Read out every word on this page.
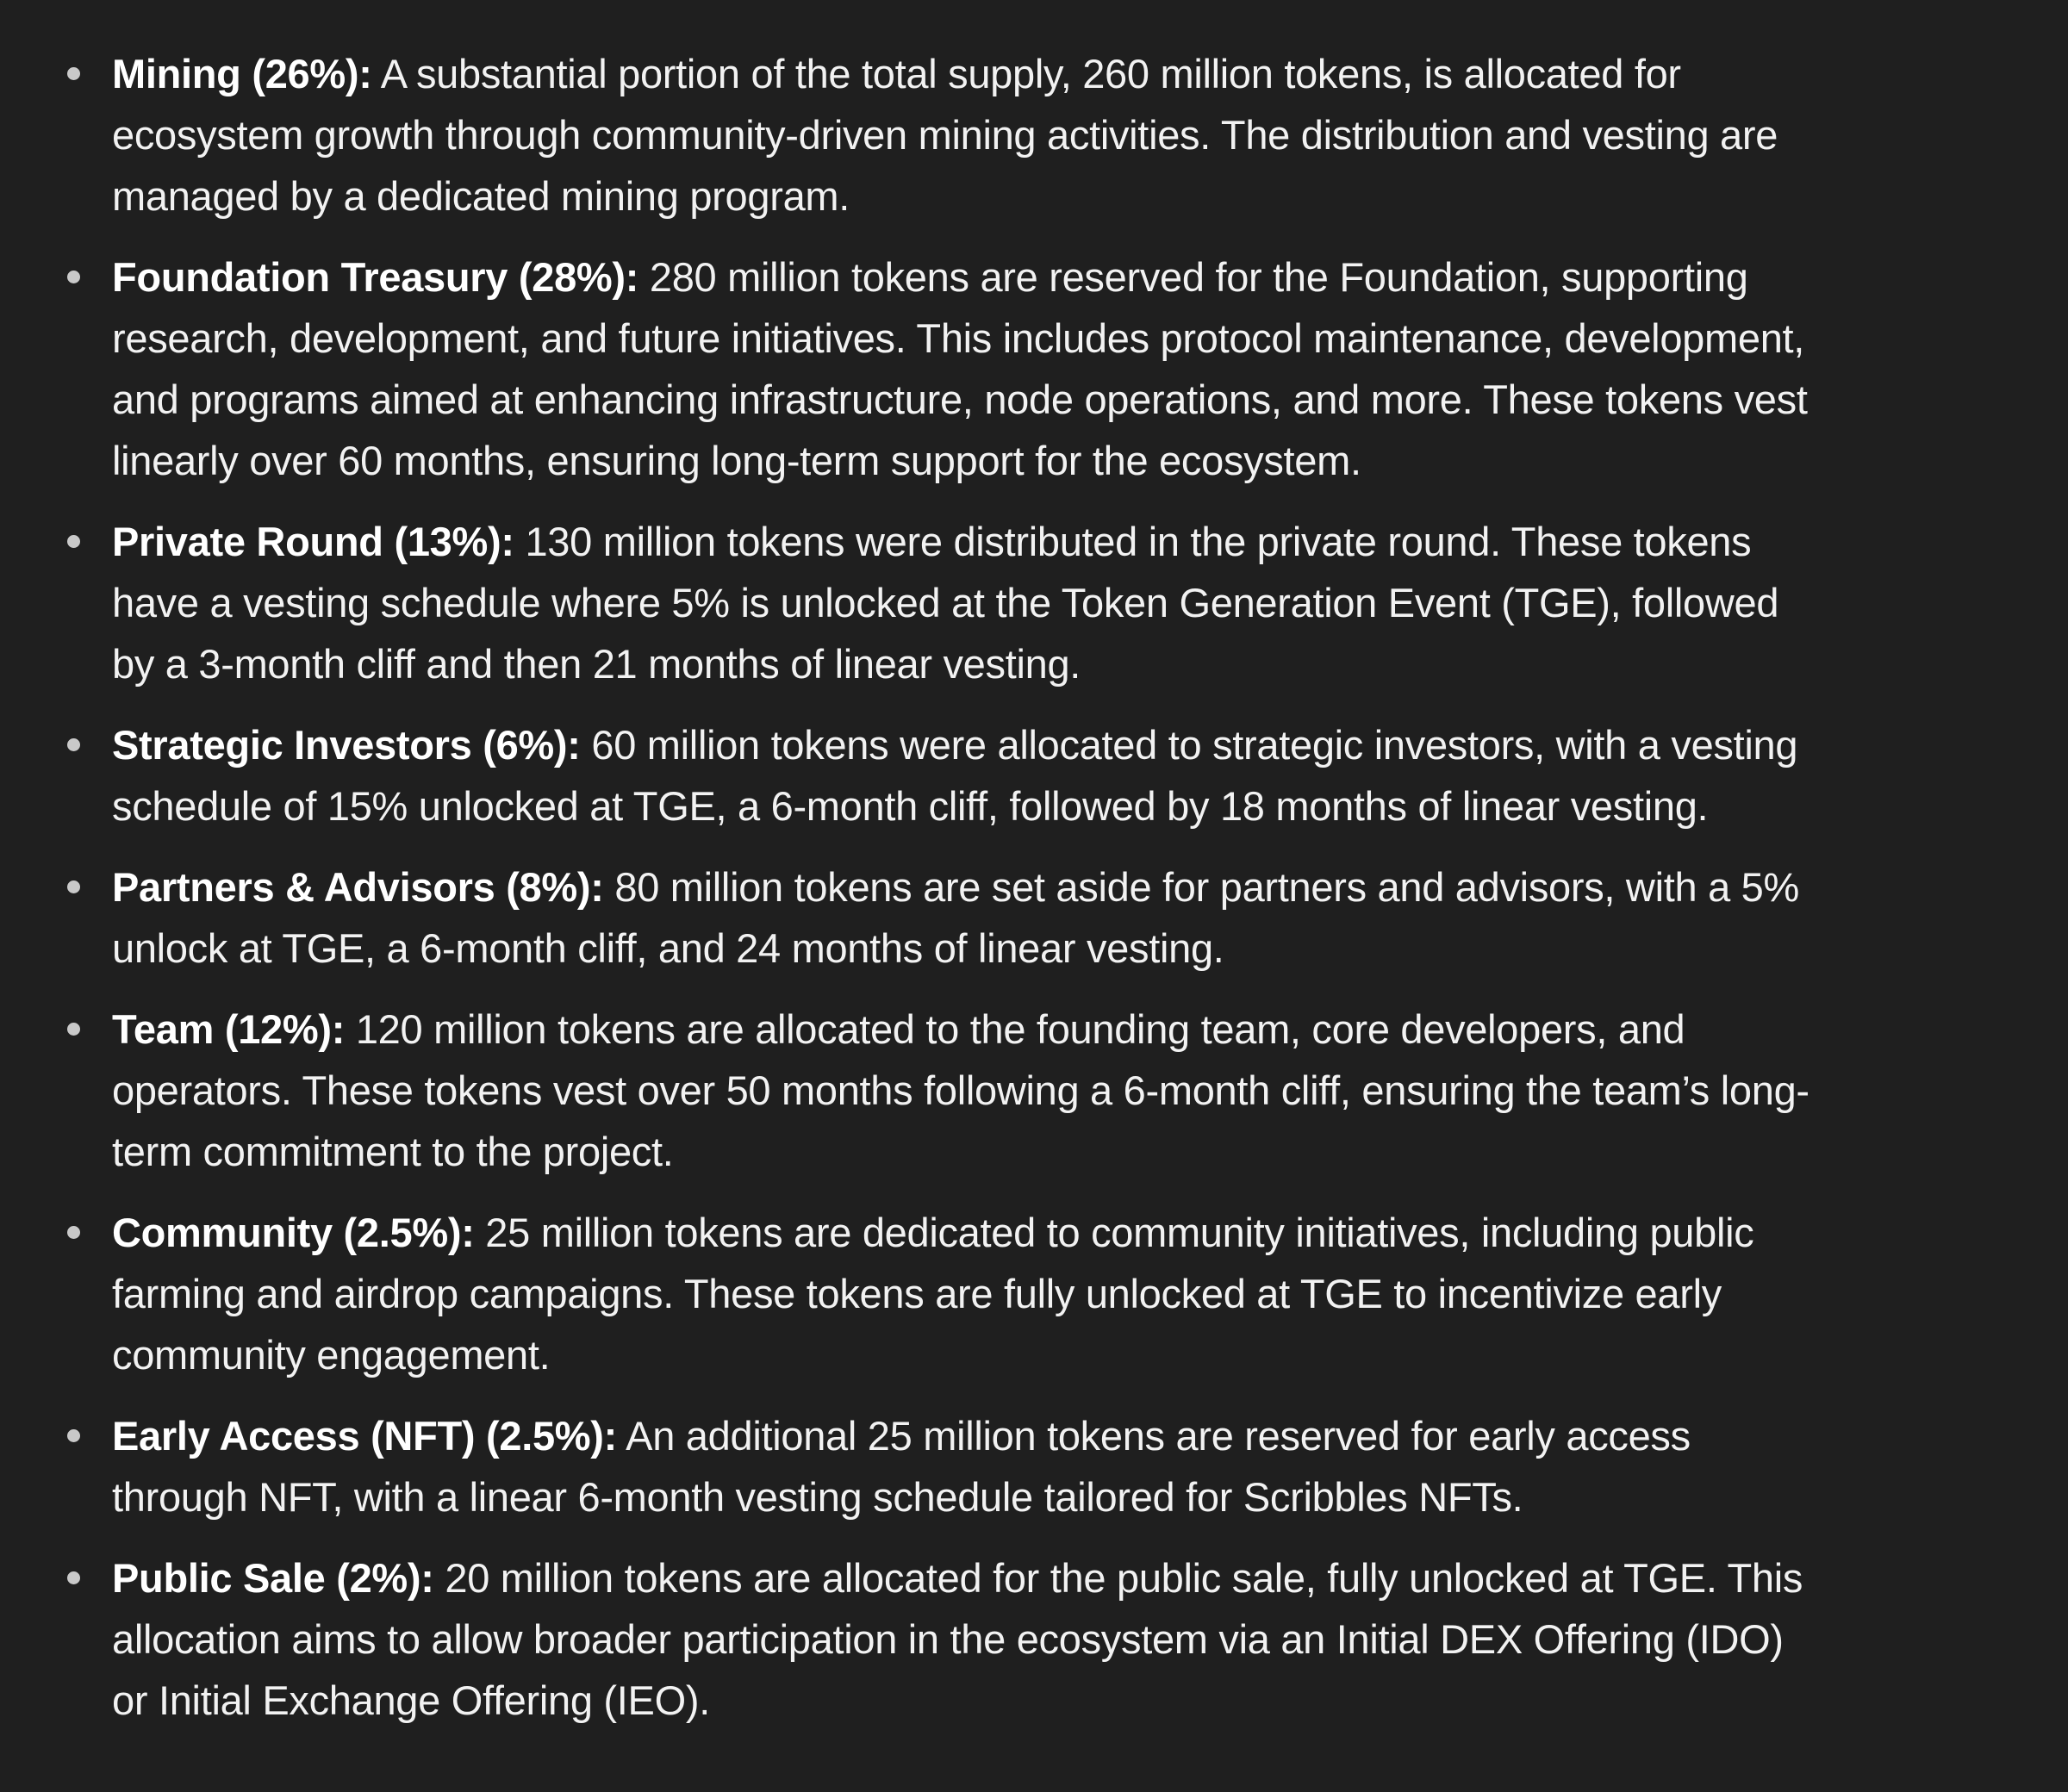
Mining (26%): A substantial portion of the total supply, 260 million tokens, is allocated for ecosystem growth through community-driven mining activities. The distribution and vesting are managed by a dedicated mining program.
Foundation Treasury (28%): 280 million tokens are reserved for the Foundation, supporting research, development, and future initiatives. This includes protocol maintenance, development, and programs aimed at enhancing infrastructure, node operations, and more. These tokens vest linearly over 60 months, ensuring long-term support for the ecosystem.
Private Round (13%): 130 million tokens were distributed in the private round. These tokens have a vesting schedule where 5% is unlocked at the Token Generation Event (TGE), followed by a 3-month cliff and then 21 months of linear vesting.
Strategic Investors (6%): 60 million tokens were allocated to strategic investors, with a vesting schedule of 15% unlocked at TGE, a 6-month cliff, followed by 18 months of linear vesting.
Partners & Advisors (8%): 80 million tokens are set aside for partners and advisors, with a 5% unlock at TGE, a 6-month cliff, and 24 months of linear vesting.
Team (12%): 120 million tokens are allocated to the founding team, core developers, and operators. These tokens vest over 50 months following a 6-month cliff, ensuring the team’s long-term commitment to the project.
Community (2.5%): 25 million tokens are dedicated to community initiatives, including public farming and airdrop campaigns. These tokens are fully unlocked at TGE to incentivize early community engagement.
Early Access (NFT) (2.5%): An additional 25 million tokens are reserved for early access through NFT, with a linear 6-month vesting schedule tailored for Scribbles NFTs.
Public Sale (2%): 20 million tokens are allocated for the public sale, fully unlocked at TGE. This allocation aims to allow broader participation in the ecosystem via an Initial DEX Offering (IDO) or Initial Exchange Offering (IEO).
